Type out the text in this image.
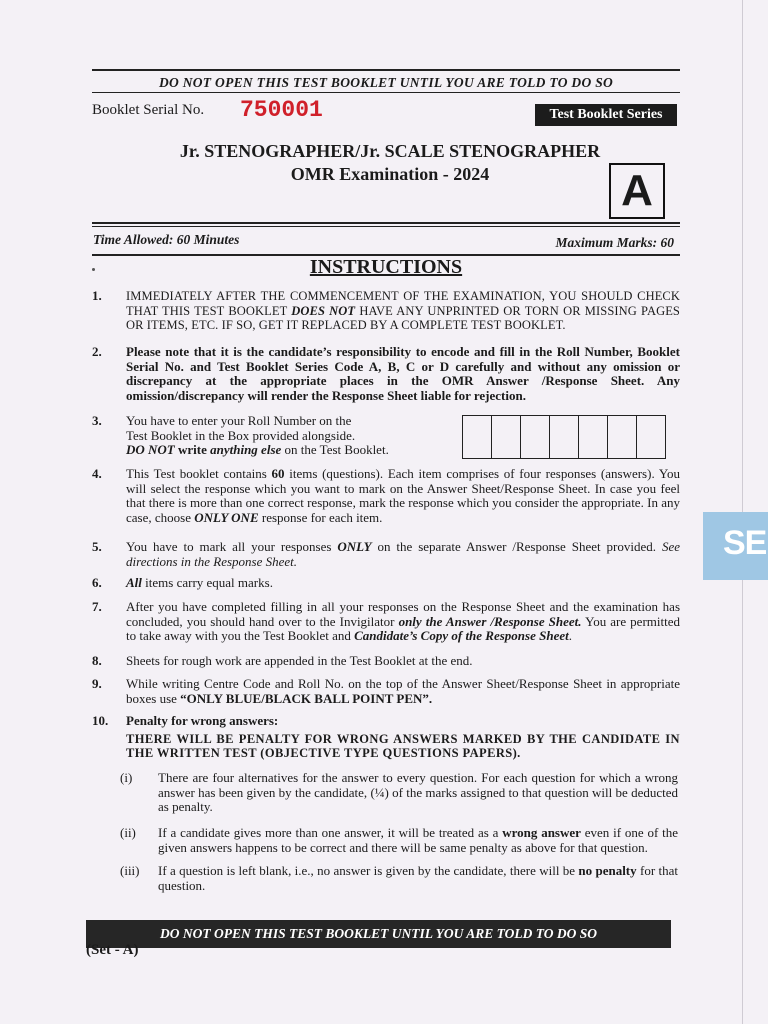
DO NOT OPEN THIS TEST BOOKLET UNTIL YOU ARE TOLD TO DO SO
Booklet Serial No. 750001	Test Booklet Series
Jr. STENOGRAPHER/Jr. SCALE STENOGRAPHER
OMR Examination - 2024	A
Time Allowed: 60 Minutes	Maximum Marks: 60
INSTRUCTIONS
1. IMMEDIATELY AFTER THE COMMENCEMENT OF THE EXAMINATION, YOU SHOULD CHECK THAT THIS TEST BOOKLET DOES NOT HAVE ANY UNPRINTED OR TORN OR MISSING PAGES OR ITEMS, ETC. IF SO, GET IT REPLACED BY A COMPLETE TEST BOOKLET.
2. Please note that it is the candidate’s responsibility to encode and fill in the Roll Number, Booklet Serial No. and Test Booklet Series Code A, B, C or D carefully and without any omission or discrepancy at the appropriate places in the OMR Answer /Response Sheet. Any omission/discrepancy will render the Response Sheet liable for rejection.
3. You have to enter your Roll Number on the
Test Booklet in the Box provided alongside.
DO NOT write anything else on the Test Booklet.
4. This Test booklet contains 60 items (questions). Each item comprises of four responses (answers). You will select the response which you want to mark on the Answer Sheet/Response Sheet. In case you feel that there is more than one correct response, mark the response which you consider the appropriate. In any case, choose ONLY ONE response for each item.
5. You have to mark all your responses ONLY on the separate Answer /Response Sheet provided. See directions in the Response Sheet.
6. All items carry equal marks.
7. After you have completed filling in all your responses on the Response Sheet and the examination has concluded, you should hand over to the Invigilator only the Answer /Response Sheet. You are permitted to take away with you the Test Booklet and Candidate’s Copy of the Response Sheet.
8. Sheets for rough work are appended in the Test Booklet at the end.
9. While writing Centre Code and Roll No. on the top of the Answer Sheet/Response Sheet in appropriate boxes use “ONLY BLUE/BLACK BALL POINT PEN”.
10. Penalty for wrong answers:
THERE WILL BE PENALTY FOR WRONG ANSWERS MARKED BY THE CANDIDATE IN THE WRITTEN TEST (OBJECTIVE TYPE QUESTIONS PAPERS).
(i) There are four alternatives for the answer to every question. For each question for which a wrong answer has been given by the candidate, (¼) of the marks assigned to that question will be deducted as penalty.
(ii) If a candidate gives more than one answer, it will be treated as a wrong answer even if one of the given answers happens to be correct and there will be same penalty as above for that question.
(iii) If a question is left blank, i.e., no answer is given by the candidate, there will be no penalty for that question.
DO NOT OPEN THIS TEST BOOKLET UNTIL YOU ARE TOLD TO DO SO
(Set - A)
SE
